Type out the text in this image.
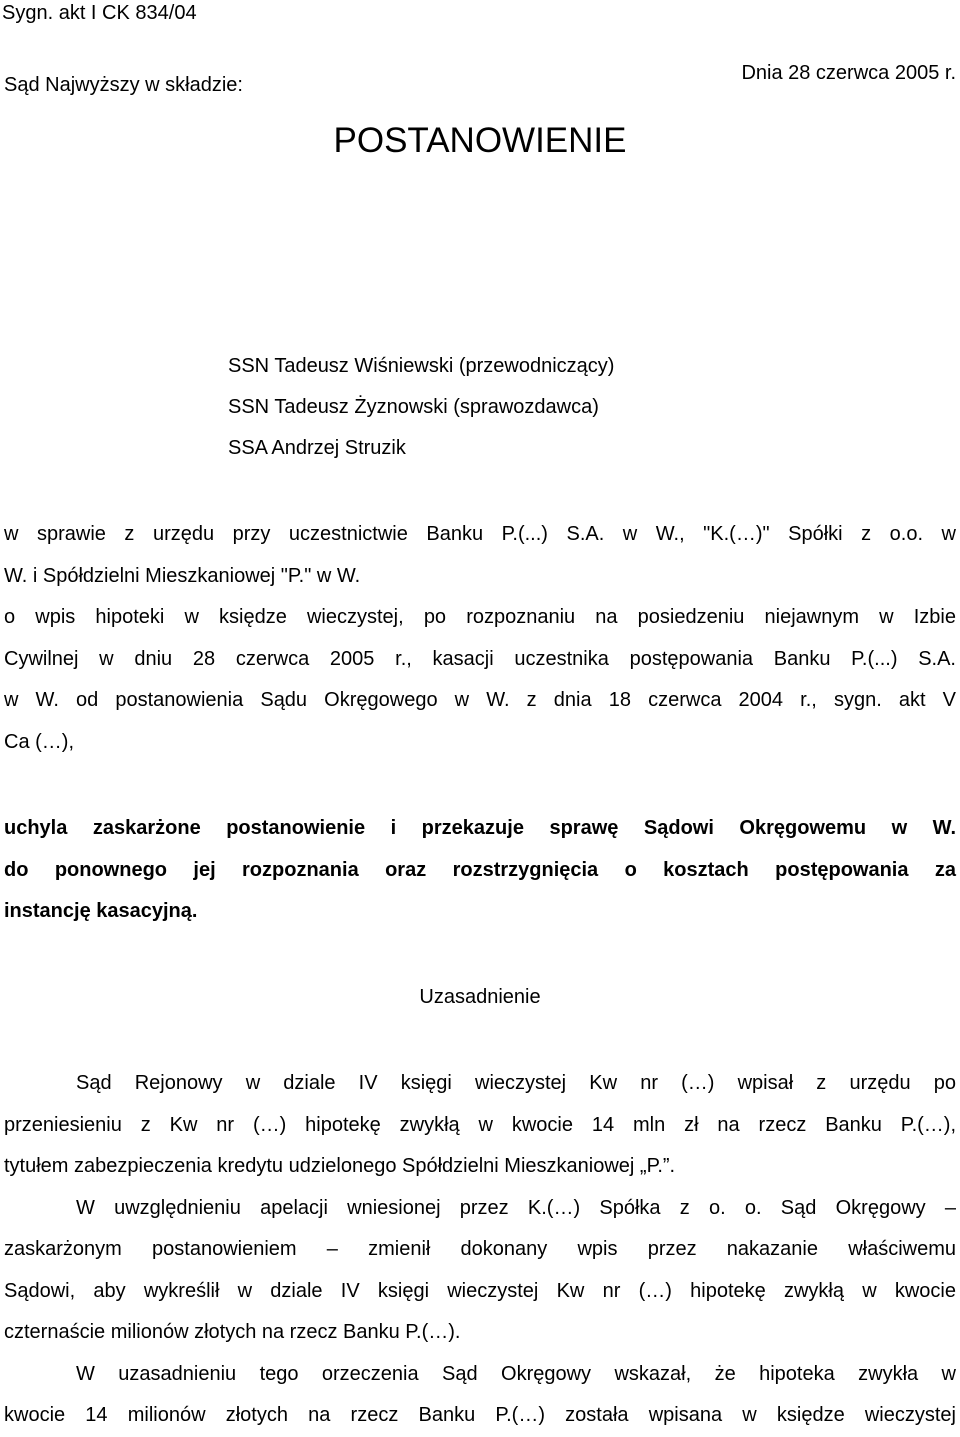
Sygn. akt I CK 834/04
POSTANOWIENIE
Dnia 28 czerwca 2005 r.
Sąd Najwyższy w składzie:
SSN Tadeusz Wiśniewski (przewodniczący)
SSN Tadeusz Żyznowski (sprawozdawca)
SSA Andrzej Struzik
w sprawie z urzędu przy uczestnictwie Banku P.(...) S.A. w W., "K.(…)" Spółki z o.o. w
W. i Spółdzielni Mieszkaniowej "P." w W.
o wpis hipoteki w księdze wieczystej, po rozpoznaniu na posiedzeniu niejawnym w Izbie
Cywilnej w dniu 28 czerwca 2005 r., kasacji uczestnika postępowania Banku P.(...) S.A.
w W. od postanowienia Sądu Okręgowego w W. z dnia 18 czerwca 2004 r., sygn. akt V
Ca (…),
uchyla zaskarżone postanowienie i przekazuje sprawę Sądowi Okręgowemu w W.
do ponownego jej rozpoznania oraz rozstrzygnięcia o kosztach postępowania za
instancję kasacyjną.
Uzasadnienie
Sąd Rejonowy w dziale IV księgi wieczystej Kw nr (…) wpisał z urzędu po
przeniesieniu z Kw nr (…) hipotekę zwykłą w kwocie 14 mln zł na rzecz Banku P.(…),
tytułem zabezpieczenia kredytu udzielonego Spółdzielni Mieszkaniowej „P.”.
W uwzględnieniu apelacji wniesionej przez K.(…) Spółka z o. o. Sąd Okręgowy –
zaskarżonym postanowieniem – zmienił dokonany wpis przez nakazanie właściwemu
Sądowi, aby wykreślił w dziale IV księgi wieczystej Kw nr (…) hipotekę zwykłą w kwocie
czternaście milionów złotych na rzecz Banku P.(…).
W uzasadnieniu tego orzeczenia Sąd Okręgowy wskazał, że hipoteka zwykła w
kwocie 14 milionów złotych na rzecz Banku P.(…) została wpisana w księdze wieczystej
